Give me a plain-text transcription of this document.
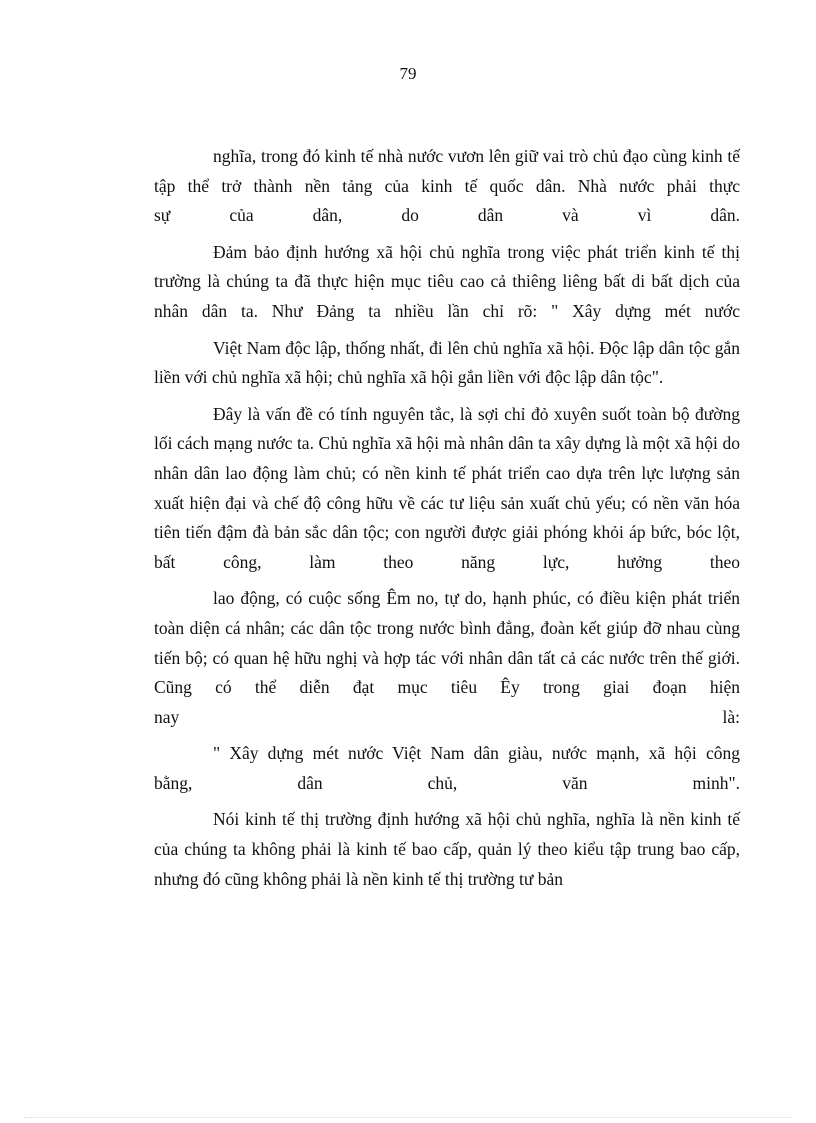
79

nghĩa, trong đó kinh tế nhà nước vươn lên giữ vai trò chủ đạo cùng kinh tế tập thể trở thành nền tảng của kinh tế quốc dân. Nhà nước phải thực

sự của dân, do dân và vì dân.

Đảm bảo định hướng xã hội chủ nghĩa trong việc phát triển kinh tế thị trường là chúng ta đã thực hiện mục tiêu cao cả thiêng liêng bất di bất dịch của nhân dân ta. Như Đảng ta nhiều lần chỉ rõ: " Xây dựng mét nước

Việt Nam độc lập, thống nhất, đi lên chủ nghĩa xã hội. Độc lập dân tộc gắn liền với chủ nghĩa xã hội; chủ nghĩa xã hội gắn liền với độc lập dân tộc".

Đây là vấn đề có tính nguyên tắc, là sợi chỉ đỏ xuyên suốt toàn bộ đường lối cách mạng nước ta. Chủ nghĩa xã hội mà nhân dân ta xây dựng là một xã hội do nhân dân lao động làm chủ; có nền kinh tế phát triển cao dựa trên lực lượng sản xuất hiện đại và chế độ công hữu về các tư liệu sản xuất chủ yếu; có nền văn hóa tiên tiến đậm đà bản sắc dân tộc; con người được giải phóng khỏi áp bức, bóc lột, bất công, làm theo năng lực, hưởng theo

lao động, có cuộc sống Êm no, tự do, hạnh phúc, có điều kiện phát triển toàn diện cá nhân; các dân tộc trong nước bình đẳng, đoàn kết giúp đỡ nhau cùng tiến bộ; có quan hệ hữu nghị và hợp tác với nhân dân tất cả các nước trên thế giới. Cũng có thể diễn đạt mục tiêu Êy trong giai đoạn hiện

nay là:

" Xây dựng mét nước Việt Nam dân giàu, nước mạnh, xã hội công

bằng, dân chủ, văn minh".

Nói kinh tế thị trường định hướng xã hội chủ nghĩa, nghĩa là nền kinh tế của chúng ta không phải là kinh tế bao cấp, quản lý theo kiểu tập trung bao cấp, nhưng đó cũng không phải là nền kinh tế thị trường tư bản
